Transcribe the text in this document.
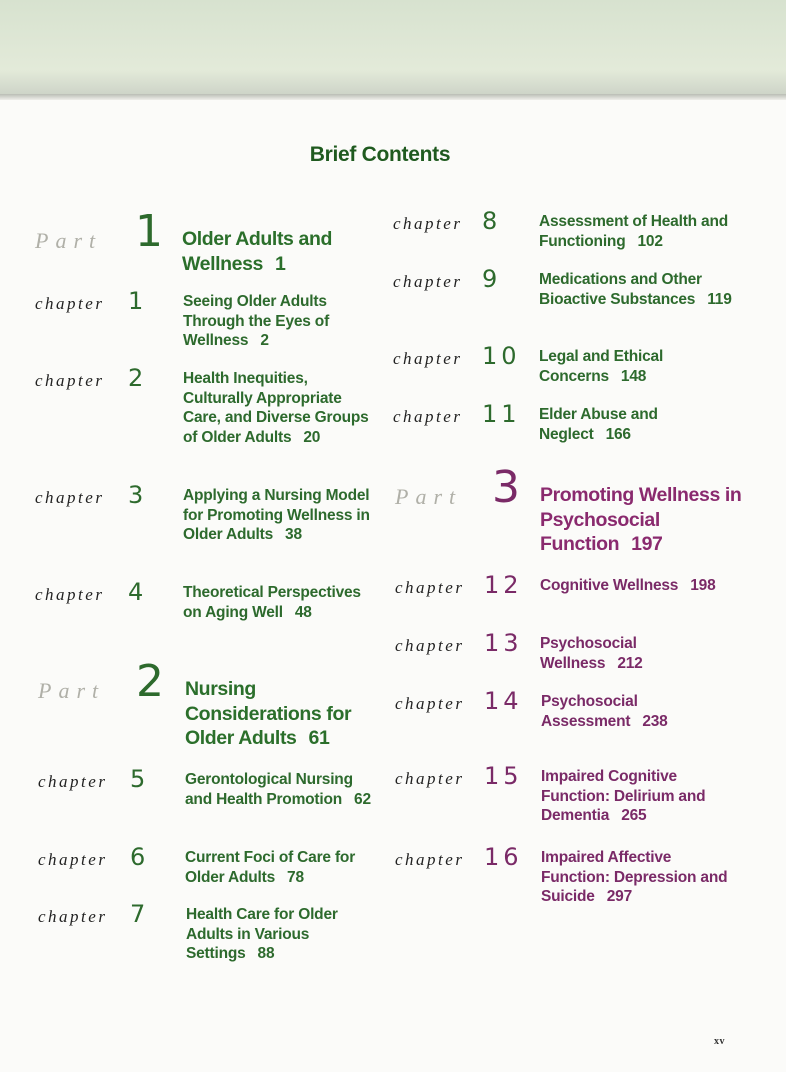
Brief Contents
Part 1 Older Adults and Wellness 1
chapter 1 Seeing Older Adults Through the Eyes of Wellness 2
chapter 2 Health Inequities, Culturally Appropriate Care, and Diverse Groups of Older Adults 20
chapter 3 Applying a Nursing Model for Promoting Wellness in Older Adults 38
chapter 4 Theoretical Perspectives on Aging Well 48
Part 2 Nursing Considerations for Older Adults 61
chapter 5 Gerontological Nursing and Health Promotion 62
chapter 6 Current Foci of Care for Older Adults 78
chapter 7 Health Care for Older Adults in Various Settings 88
chapter 8 Assessment of Health and Functioning 102
chapter 9 Medications and Other Bioactive Substances 119
chapter 10 Legal and Ethical Concerns 148
chapter 11 Elder Abuse and Neglect 166
Part 3 Promoting Wellness in Psychosocial Function 197
chapter 12 Cognitive Wellness 198
chapter 13 Psychosocial Wellness 212
chapter 14 Psychosocial Assessment 238
chapter 15 Impaired Cognitive Function: Delirium and Dementia 265
chapter 16 Impaired Affective Function: Depression and Suicide 297
xv
